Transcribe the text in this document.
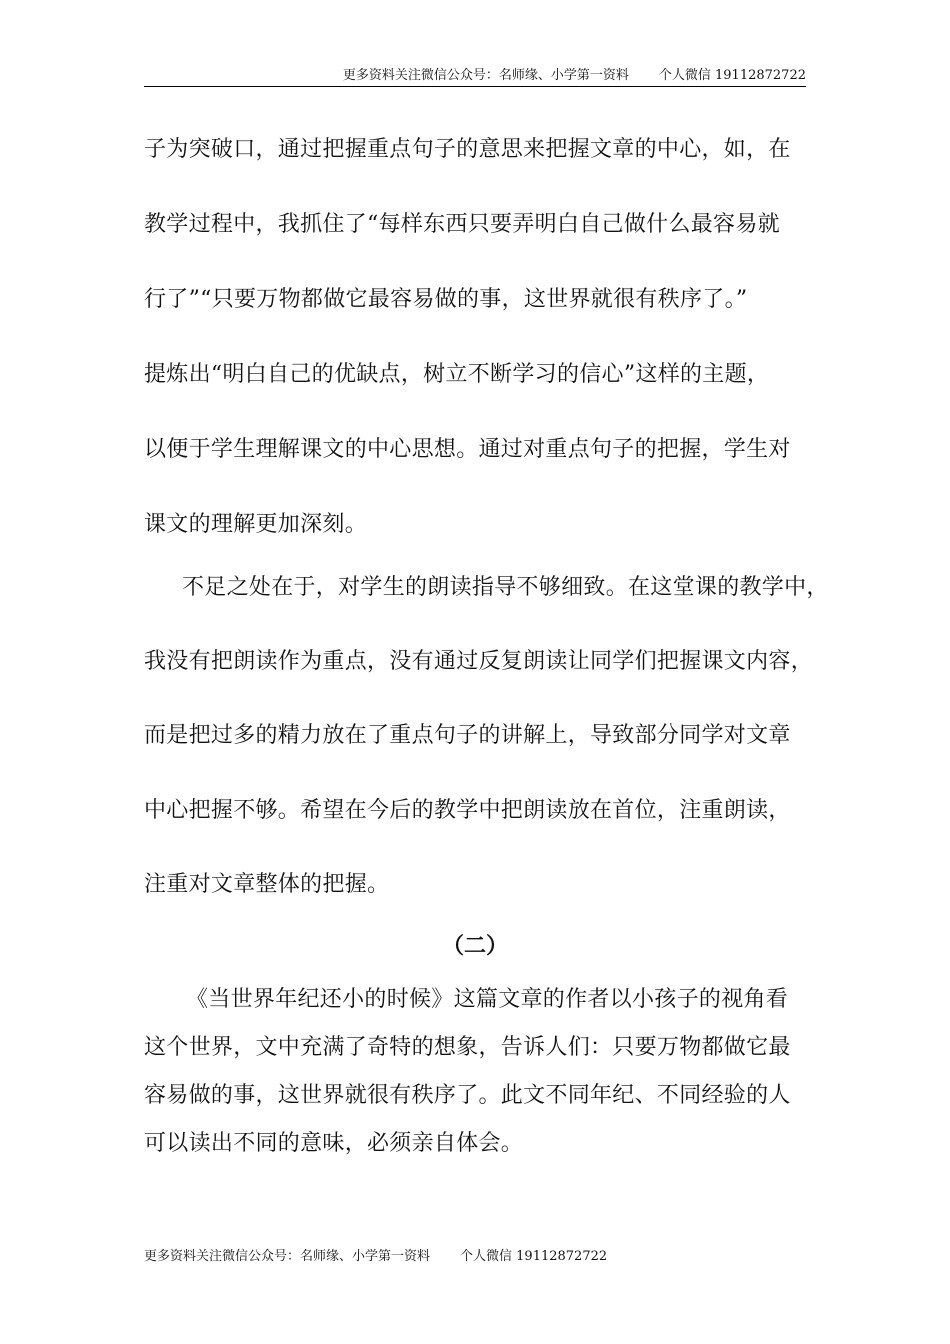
更多资料关注微信公众号：名师缘、小学第一资料 个人微信 19112872722
子为突破口，通过把握重点句子的意思来把握文章的中心，如，在
教学过程中，我抓住了“每样东西只要弄明白自己做什么最容易就
行了”“只要万物都做它最容易做的事，这世界就很有秩序了。”
提炼出“明白自己的优缺点，树立不断学习的信心”这样的主题，
以便于学生理解课文的中心思想。通过对重点句子的把握，学生对
课文的理解更加深刻。
不足之处在于，对学生的朗读指导不够细致。在这堂课的教学中，
我没有把朗读作为重点，没有通过反复朗读让同学们把握课文内容，
而是把过多的精力放在了重点句子的讲解上，导致部分同学对文章
中心把握不够。希望在今后的教学中把朗读放在首位，注重朗读，
注重对文章整体的把握。
（二）
《当世界年纪还小的时候》这篇文章的作者以小孩子的视角看
这个世界，文中充满了奇特的想象，告诉人们：只要万物都做它最
容易做的事，这世界就很有秩序了。此文不同年纪、不同经验的人
可以读出不同的意味，必须亲自体会。
更多资料关注微信公众号：名师缘、小学第一资料 个人微信 19112872722
